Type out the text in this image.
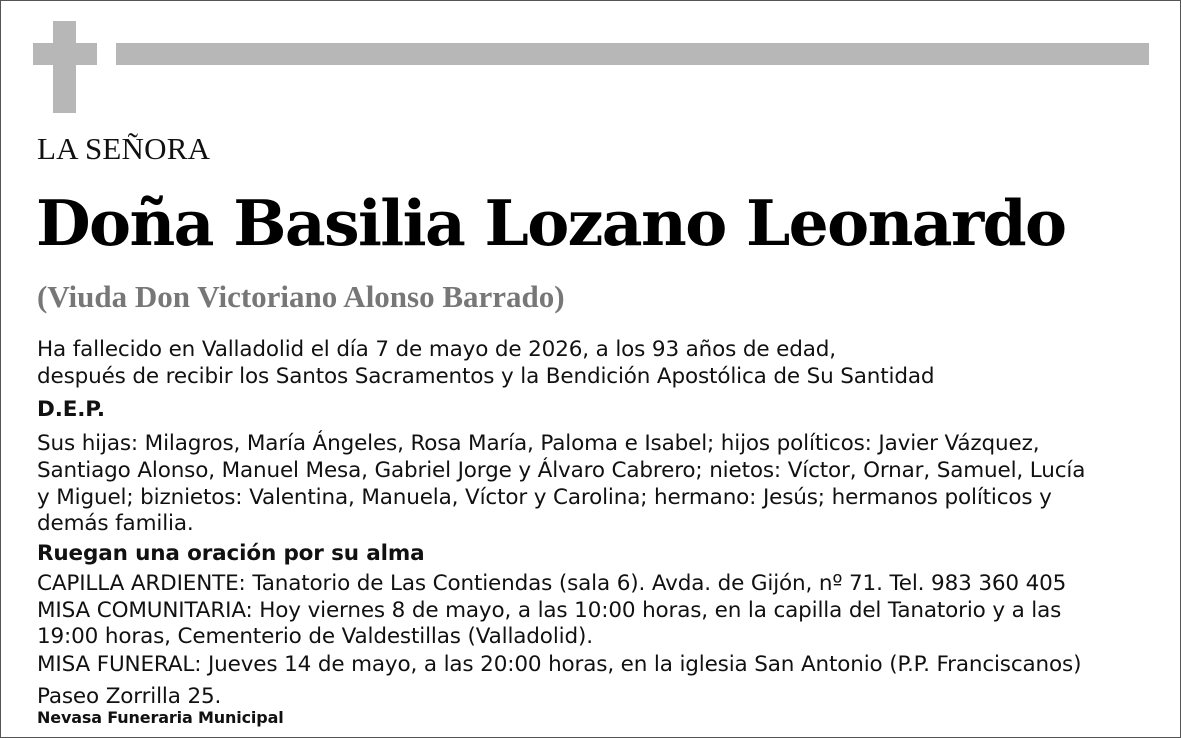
LA SEÑORA
Doña Basilia Lozano Leonardo
(Viuda Don Victoriano Alonso Barrado)
Ha fallecido en Valladolid el día 7 de mayo de 2026, a los 93 años de edad,
después de recibir los Santos Sacramentos y la Bendición Apostólica de Su Santidad
D.E.P.
Sus hijas: Milagros, María Ángeles, Rosa María, Paloma e Isabel; hijos políticos: Javier Vázquez,
Santiago Alonso, Manuel Mesa, Gabriel Jorge y Álvaro Cabrero; nietos: Víctor, Ornar, Samuel, Lucía
y Miguel; biznietos: Valentina, Manuela, Víctor y Carolina; hermano: Jesús; hermanos políticos y
demás familia.
Ruegan una oración por su alma
CAPILLA ARDIENTE: Tanatorio de Las Contiendas (sala 6). Avda. de Gijón, nº 71. Tel. 983 360 405
MISA COMUNITARIA: Hoy viernes 8 de mayo, a las 10:00 horas, en la capilla del Tanatorio y a las
19:00 horas, Cementerio de Valdestillas (Valladolid).
MISA FUNERAL: Jueves 14 de mayo, a las 20:00 horas, en la iglesia San Antonio (P.P. Franciscanos)
Paseo Zorrilla 25.
Nevasa Funeraria Municipal
